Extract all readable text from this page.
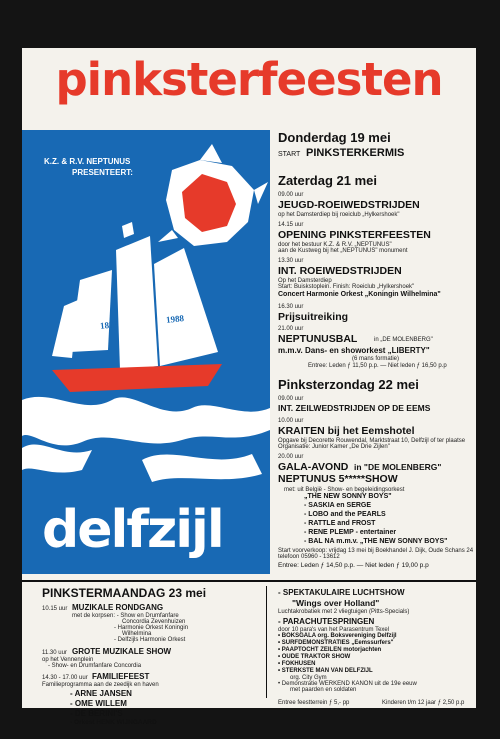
pinksterfeesten
K.Z. & R.V. NEPTUNUS
PRESENTEERT:
1876
1988
delfzijl
Donderdag 19 mei
START PINKSTERKERMIS
Zaterdag 21 mei
09.00 uur
JEUGD-ROEIWEDSTRIJDEN
op het Damsterdiep bij roeiclub „Hylkershoek"
14.15 uur
OPENING PINKSTERFEESTEN
door het bestuur K.Z. & R.V. „NEPTUNUS"
aan de Kustweg bij het „NEPTUNUS" monument
13.30 uur
INT. ROEIWEDSTRIJDEN
Op het Damsterdiep
Start: Buiskstoplein. Finish: Roeiclub „Hylkershoek"
Concert Harmonie Orkest „Koningin Wilhelmina"
16.30 uur
Prijsuitreiking
21.00 uur
NEPTUNUSBAL	in „DE MOLENBERG"
m.m.v. Dans- en showorkest „LIBERTY"
(6 mans formatie)
Entree: Leden ƒ 11,50 p.p. — Niet leden ƒ 16,50 p.p
Pinksterzondag 22 mei
09.00 uur
INT. ZEILWEDSTRIJDEN OP DE EEMS
10.00 uur
KRAITEN bij het Eemshotel
Opgave bij Decorette Rouwendal, Marktstraat 10, Delfzijl of ter plaatse
Organisatie: Junior Kamer „De Drie Zijlen"
20.00 uur
GALA-AVOND in "DE MOLENBERG"
NEPTUNUS 5*****SHOW
met: uit België - Show- en begeleidingsorkest
„THE NEW SONNY BOYS"
- SASKIA en SERGE
- LOBO and the PEARLS
- RATTLE and FROST
- RENE PLEMP - entertainer
- BAL NA m.m.v. „THE NEW SONNY BOYS"
Start voorverkoop: vrijdag 13 mei bij Boekhandel J. Dijk, Oude Schans 24
telefoon 05960 - 13612
Entree: Leden ƒ 14,50 p.p. — Niet leden ƒ 19,00 p.p
PINKSTERMAANDAG 23 mei
10.15 uur MUZIKALE RONDGANG
met de korpsen: - Show en Drumfanfare
Concordia Zevenhuizen
- Harmonie Orkest Koningin
Wilhelmina
- Delfzijls Harmonie Orkest
11.30 uur GROTE MUZIKALE SHOW
op het Vennenplein
- Show- en Drumfanfare Concordia
14.30 - 17.00 uur FAMILIEFEEST
Familieprogramma aan de zeedijk en haven
- ARNE JANSEN
- OME WILLEM
- DE BERINI'S
- Orkest HENK WIJNGAARD
- SPEKTAKULAIRE LUCHTSHOW
"Wings over Holland"
Luchtakrobatiek met 2 vliegtuigen (Pitts-Specials)
- PARACHUTESPRINGEN
door 10 para's van het Parasentrum Texel
• BOKSGALA org. Boksvereniging Delfzijl
• SURFDEMONSTRATIES „Eemssurfers"
• PAAPTOCHT ZEILEN motorjachten
• OUDE TRAKTOR SHOW
• FOKHUSEN
• STERKSTE MAN VAN DELFZIJL
org. City Gym
• Demonstratie WERKEND KANON uit de 19e eeuw
met paarden en soldaten
Entree feestterrein ƒ 5,- pp	Kinderen t/m 12 jaar ƒ 2,50 p.p
